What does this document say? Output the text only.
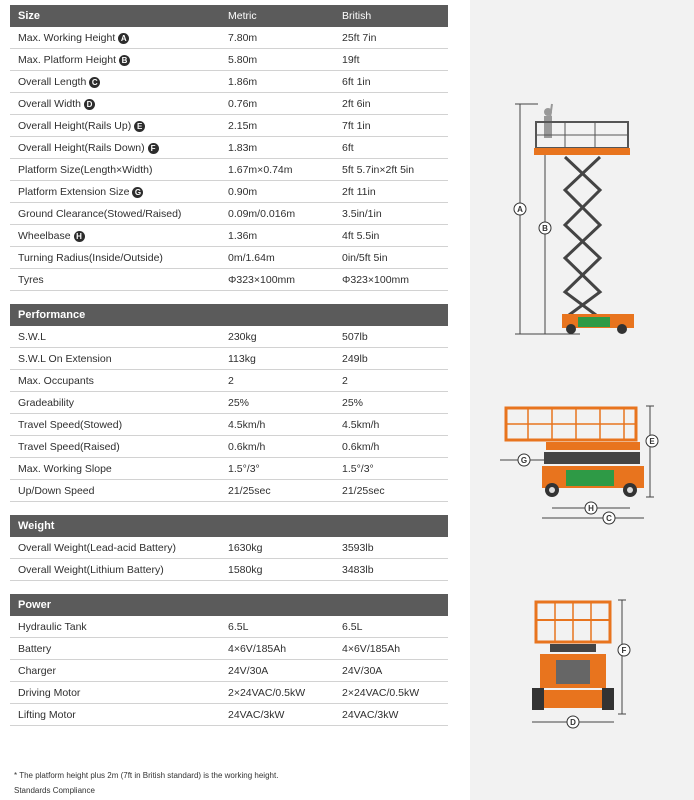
Size	Metric	British
Max. Working Height A	7.80m	25ft 7in
Max. Platform Height B	5.80m	19ft
Overall Length C	1.86m	6ft 1in
Overall Width D	0.76m	2ft 6in
Overall Height(Rails Up) E	2.15m	7ft 1in
Overall Height(Rails Down) F	1.83m	6ft
Platform Size(Length×Width)	1.67m×0.74m	5ft 5.7in×2ft 5in
Platform Extension Size G	0.90m	2ft 11in
Ground Clearance(Stowed/Raised)	0.09m/0.016m	3.5in/1in
Wheelbase H	1.36m	4ft 5.5in
Turning Radius(Inside/Outside)	0m/1.64m	0in/5ft 5in
Tyres	Φ323×100mm	Φ323×100mm
Performance		
S.W.L	230kg	507lb
S.W.L On Extension	113kg	249lb
Max. Occupants	2	2
Gradeability	25%	25%
Travel Speed(Stowed)	4.5km/h	4.5km/h
Travel Speed(Raised)	0.6km/h	0.6km/h
Max. Working Slope	1.5°/3°	1.5°/3°
Up/Down Speed	21/25sec	21/25sec
Weight		
Overall Weight(Lead-acid Battery)	1630kg	3593lb
Overall Weight(Lithium Battery)	1580kg	3483lb
Power		
Hydraulic Tank	6.5L	6.5L
Battery	4×6V/185Ah	4×6V/185Ah
Charger	24V/30A	24V/30A
Driving Motor	2×24VAC/0.5kW	2×24VAC/0.5kW
Lifting Motor	24VAC/3kW	24VAC/3kW
* The platform height plus 2m (7ft in British standard) is the working height.
Standards Compliance
A
B
E
G
H
C
F
D
